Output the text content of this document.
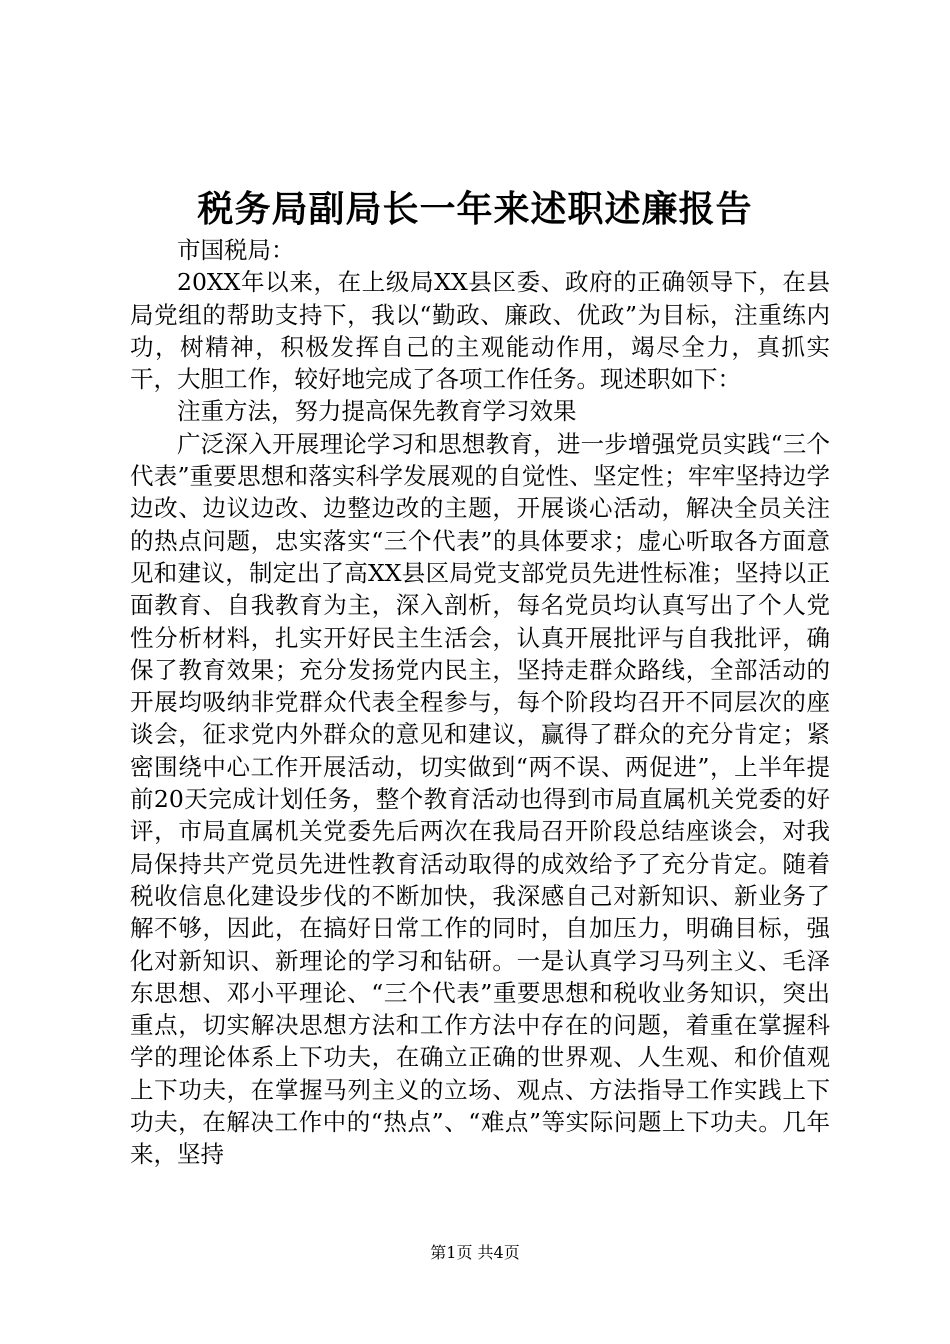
税务局副局长一年来述职述廉报告

市国税局：

20XX年以来，在上级局XX县区委、政府的正确领导下，在县局党组的帮助支持下，我以“勤政、廉政、优政”为目标，注重练内功，树精神，积极发挥自己的主观能动作用，竭尽全力，真抓实干，大胆工作，较好地完成了各项工作任务。现述职如下：

注重方法，努力提高保先教育学习效果

广泛深入开展理论学习和思想教育，进一步增强党员实践“三个代表”重要思想和落实科学发展观的自觉性、坚定性；牢牢坚持边学边改、边议边改、边整边改的主题，开展谈心活动，解决全员关注的热点问题，忠实落实“三个代表”的具体要求；虚心听取各方面意见和建议，制定出了高XX县区局党支部党员先进性标准；坚持以正面教育、自我教育为主，深入剖析，每名党员均认真写出了个人党性分析材料，扎实开好民主生活会，认真开展批评与自我批评，确保了教育效果；充分发扬党内民主，坚持走群众路线，全部活动的开展均吸纳非党群众代表全程参与，每个阶段均召开不同层次的座谈会，征求党内外群众的意见和建议，赢得了群众的充分肯定；紧密围绕中心工作开展活动，切实做到“两不误、两促进”，上半年提前20天完成计划任务，整个教育活动也得到市局直属机关党委的好评，市局直属机关党委先后两次在我局召开阶段总结座谈会，对我局保持共产党员先进性教育活动取得的成效给予了充分肯定。随着税收信息化建设步伐的不断加快，我深感自己对新知识、新业务了解不够，因此，在搞好日常工作的同时，自加压力，明确目标，强化对新知识、新理论的学习和钻研。一是认真学习马列主义、毛泽东思想、邓小平理论、“三个代表”重要思想和税收业务知识，突出重点，切实解决思想方法和工作方法中存在的问题，着重在掌握科学的理论体系上下功夫，在确立正确的世界观、人生观、和价值观上下功夫，在掌握马列主义的立场、观点、方法指导工作实践上下功夫，在解决工作中的“热点”、“难点”等实际问题上下功夫。几年来，坚持

第1页 共4页
